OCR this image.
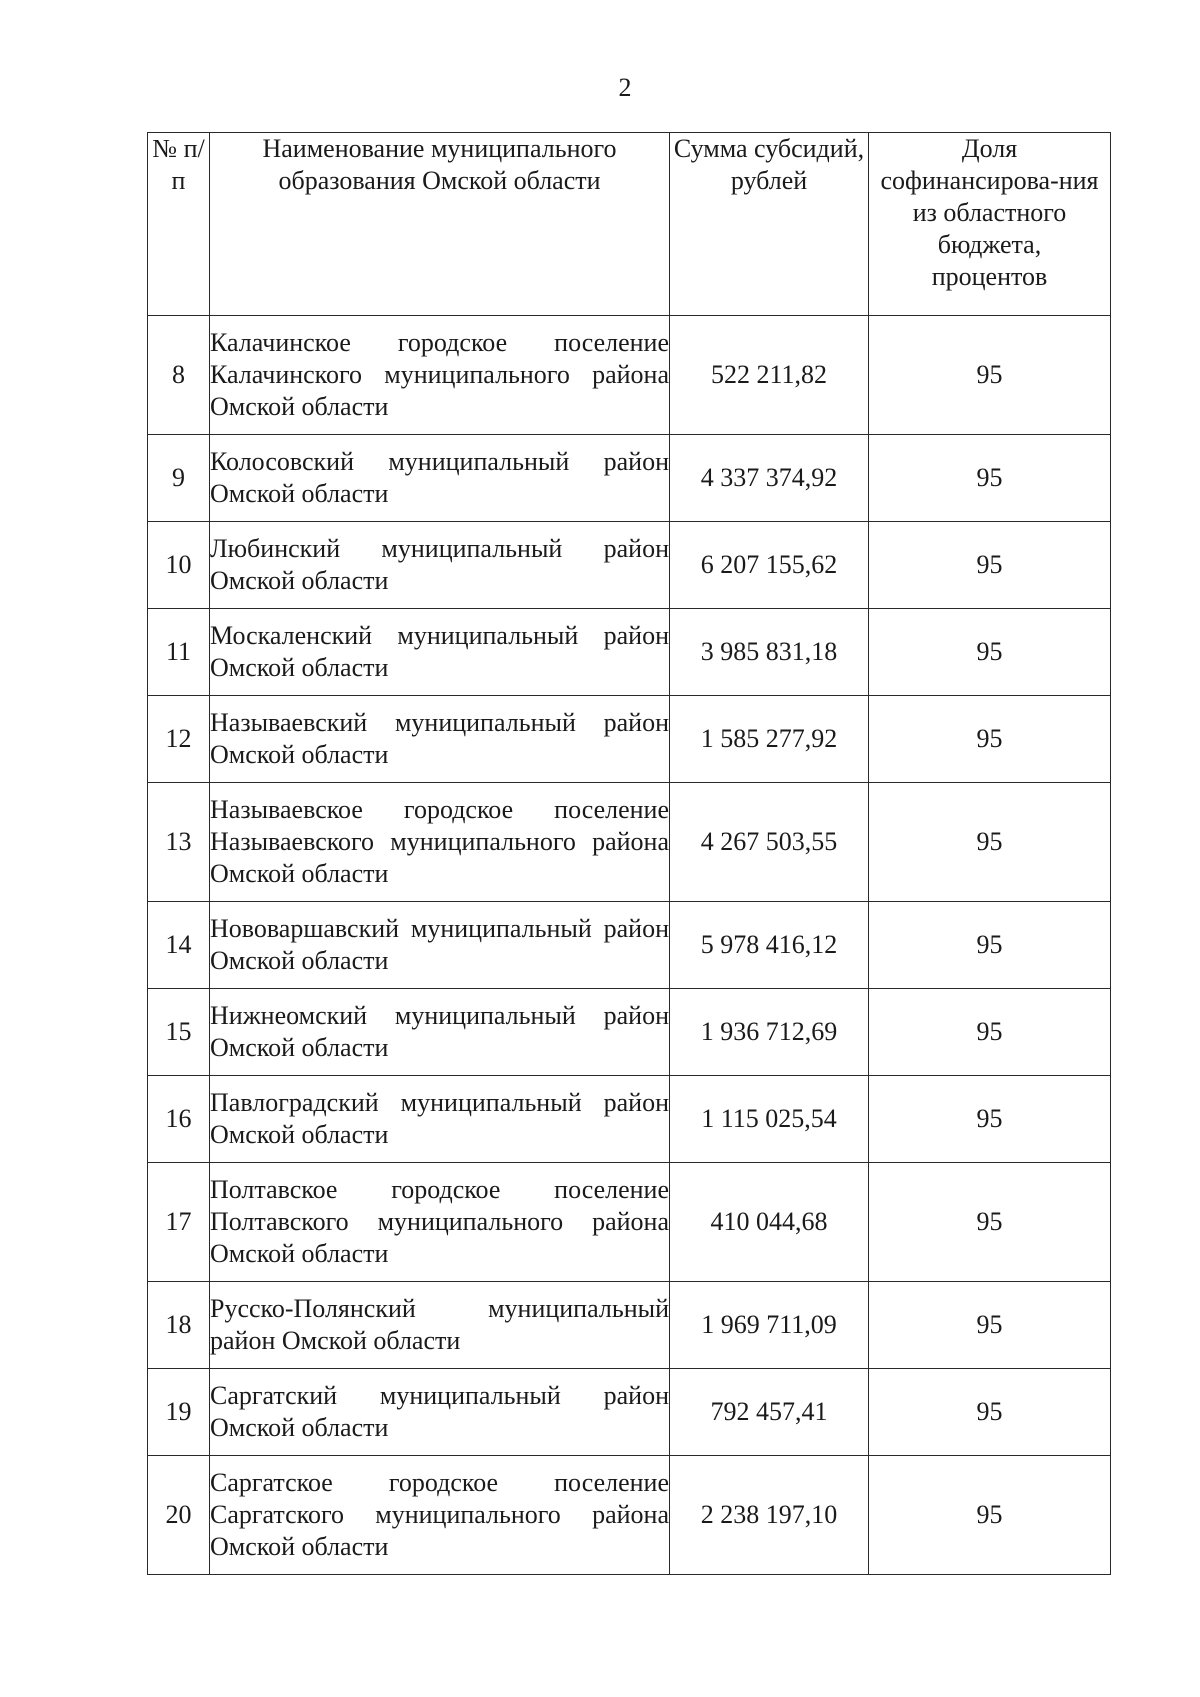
2
№ п/п	Наименование муниципального образования Омской области	Сумма субсидий, рублей	Доля софинансирова-ния из областного бюджета, процентов
8	Калачинское городское поселение Калачинского муниципального района Омской области	522 211,82	95
9	Колосовский муниципальный район Омской области	4 337 374,92	95
10	Любинский муниципальный район Омской области	6 207 155,62	95
11	Москаленский муниципальный район Омской области	3 985 831,18	95
12	Называевский муниципальный район Омской области	1 585 277,92	95
13	Называевское городское поселение Называевского муниципального района Омской области	4 267 503,55	95
14	Нововаршавский муниципальный район Омской области	5 978 416,12	95
15	Нижнеомский муниципальный район Омской области	1 936 712,69	95
16	Павлоградский муниципальный район Омской области	1 115 025,54	95
17	Полтавское городское поселение Полтавского муниципального района Омской области	410 044,68	95
18	Русско-Полянский муниципальный район Омской области	1 969 711,09	95
19	Саргатский муниципальный район Омской области	792 457,41	95
20	Саргатское городское поселение Саргатского муниципального района Омской области	2 238 197,10	95
